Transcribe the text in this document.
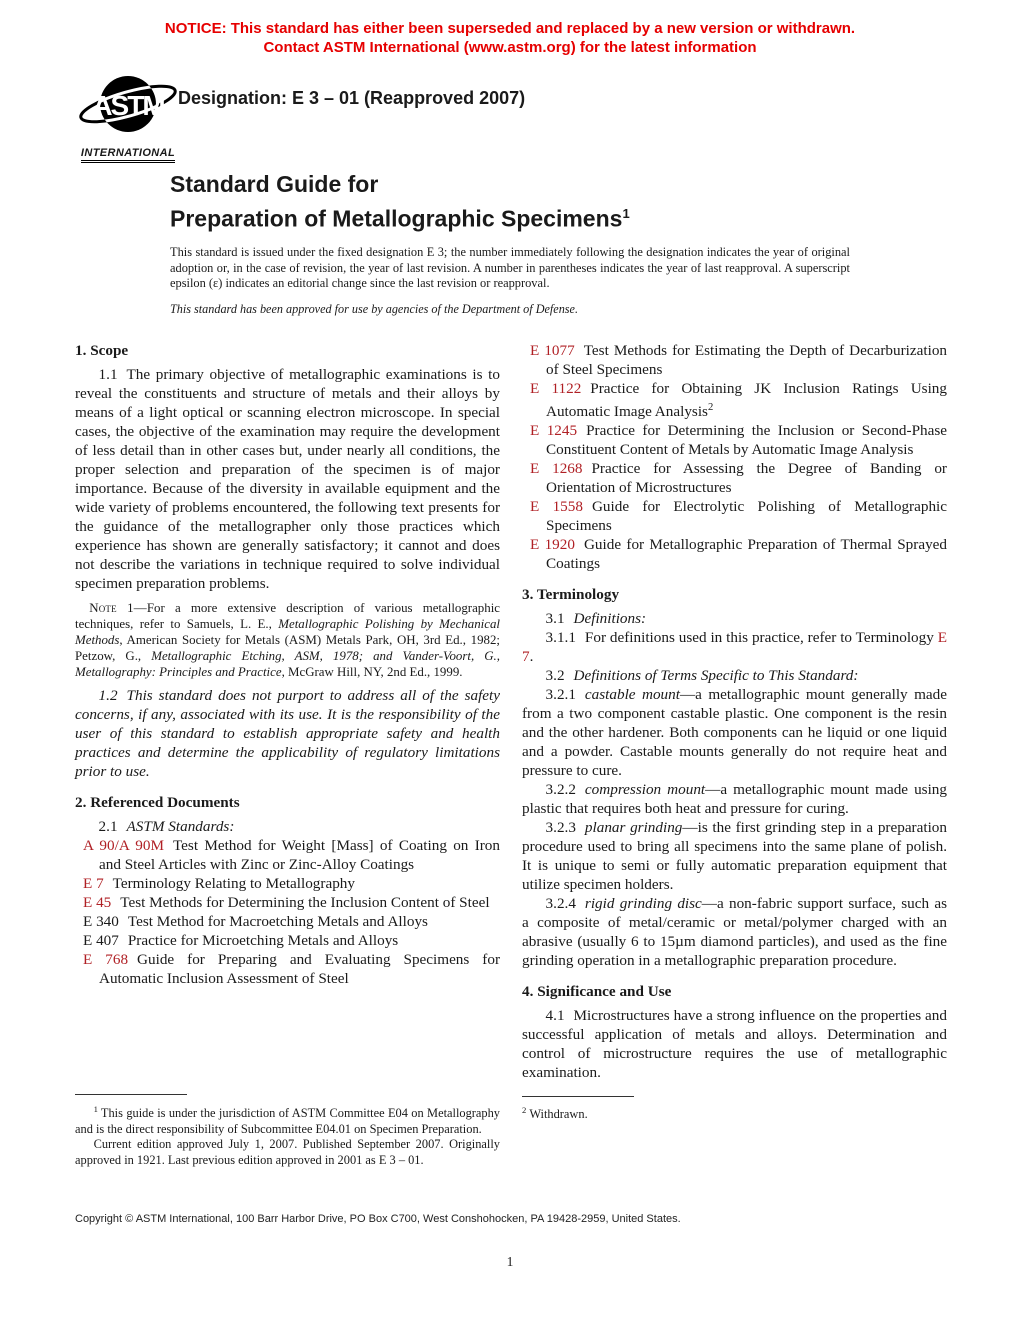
NOTICE: This standard has either been superseded and replaced by a new version or withdrawn.
Contact ASTM International (www.astm.org) for the latest information
ASTM
INTERNATIONAL
Designation: E 3 – 01 (Reapproved 2007)
Standard Guide for
Preparation of Metallographic Specimens$^1$

This standard is issued under the fixed designation E 3; the number immediately following the designation indicates the year of original adoption or, in the case of revision, the year of last revision. A number in parentheses indicates the year of last reapproval. A superscript epsilon (ε) indicates an editorial change since the last revision or reapproval.

This standard has been approved for use by agencies of the Department of Defense.

1. Scope

1.1 The primary objective of metallographic examinations is to reveal the constituents and structure of metals and their alloys by means of a light optical or scanning electron microscope. In special cases, the objective of the examination may require the development of less detail than in other cases but, under nearly all conditions, the proper selection and preparation of the specimen is of major importance. Because of the diversity in available equipment and the wide variety of problems encountered, the following text presents for the guidance of the metallographer only those practices which experience has shown are generally satisfactory; it cannot and does not describe the variations in technique required to solve individual specimen preparation problems.

Note 1—For a more extensive description of various metallographic techniques, refer to Samuels, L. E., Metallographic Polishing by Mechanical Methods, American Society for Metals (ASM) Metals Park, OH, 3rd Ed., 1982; Petzow, G., Metallographic Etching, ASM, 1978; and Vander-Voort, G., Metallography: Principles and Practice, McGraw Hill, NY, 2nd Ed., 1999.

1.2 This standard does not purport to address all of the safety concerns, if any, associated with its use. It is the responsibility of the user of this standard to establish appropriate safety and health practices and determine the applicability of regulatory limitations prior to use.

2. Referenced Documents

2.1 ASTM Standards:

A 90/A 90M Test Method for Weight [Mass] of Coating on Iron and Steel Articles with Zinc or Zinc-Alloy Coatings
E 7 Terminology Relating to Metallography
E 45 Test Methods for Determining the Inclusion Content of Steel
E 340 Test Method for Macroetching Metals and Alloys
E 407 Practice for Microetching Metals and Alloys
E 768 Guide for Preparing and Evaluating Specimens for Automatic Inclusion Assessment of Steel
E 1077 Test Methods for Estimating the Depth of Decarburization of Steel Specimens
E 1122 Practice for Obtaining JK Inclusion Ratings Using Automatic Image Analysis$^2$
E 1245 Practice for Determining the Inclusion or Second-Phase Constituent Content of Metals by Automatic Image Analysis
E 1268 Practice for Assessing the Degree of Banding or Orientation of Microstructures
E 1558 Guide for Electrolytic Polishing of Metallographic Specimens
E 1920 Guide for Metallographic Preparation of Thermal Sprayed Coatings
3. Terminology

3.1 Definitions:

3.1.1 For definitions used in this practice, refer to Terminology E 7.

3.2 Definitions of Terms Specific to This Standard:

3.2.1 castable mount—a metallographic mount generally made from a two component castable plastic. One component is the resin and the other hardener. Both components can he liquid or one liquid and a powder. Castable mounts generally do not require heat and pressure to cure.

3.2.2 compression mount—a metallographic mount made using plastic that requires both heat and pressure for curing.

3.2.3 planar grinding—is the first grinding step in a preparation procedure used to bring all specimens into the same plane of polish. It is unique to semi or fully automatic preparation equipment that utilize specimen holders.

3.2.4 rigid grinding disc—a non-fabric support surface, such as a composite of metal/ceramic or metal/polymer charged with an abrasive (usually 6 to 15µm diamond particles), and used as the fine grinding operation in a metallographic preparation procedure.

4. Significance and Use

4.1 Microstructures have a strong influence on the properties and successful application of metals and alloys. Determination and control of microstructure requires the use of metallographic examination.

$^2$ Withdrawn.

$^1$ This guide is under the jurisdiction of ASTM Committee E04 on Metallography and is the direct responsibility of Subcommittee E04.01 on Specimen Preparation.

Current edition approved July 1, 2007. Published September 2007. Originally approved in 1921. Last previous edition approved in 2001 as E 3 – 01.

Copyright © ASTM International, 100 Barr Harbor Drive, PO Box C700, West Conshohocken, PA 19428-2959, United States.

1
